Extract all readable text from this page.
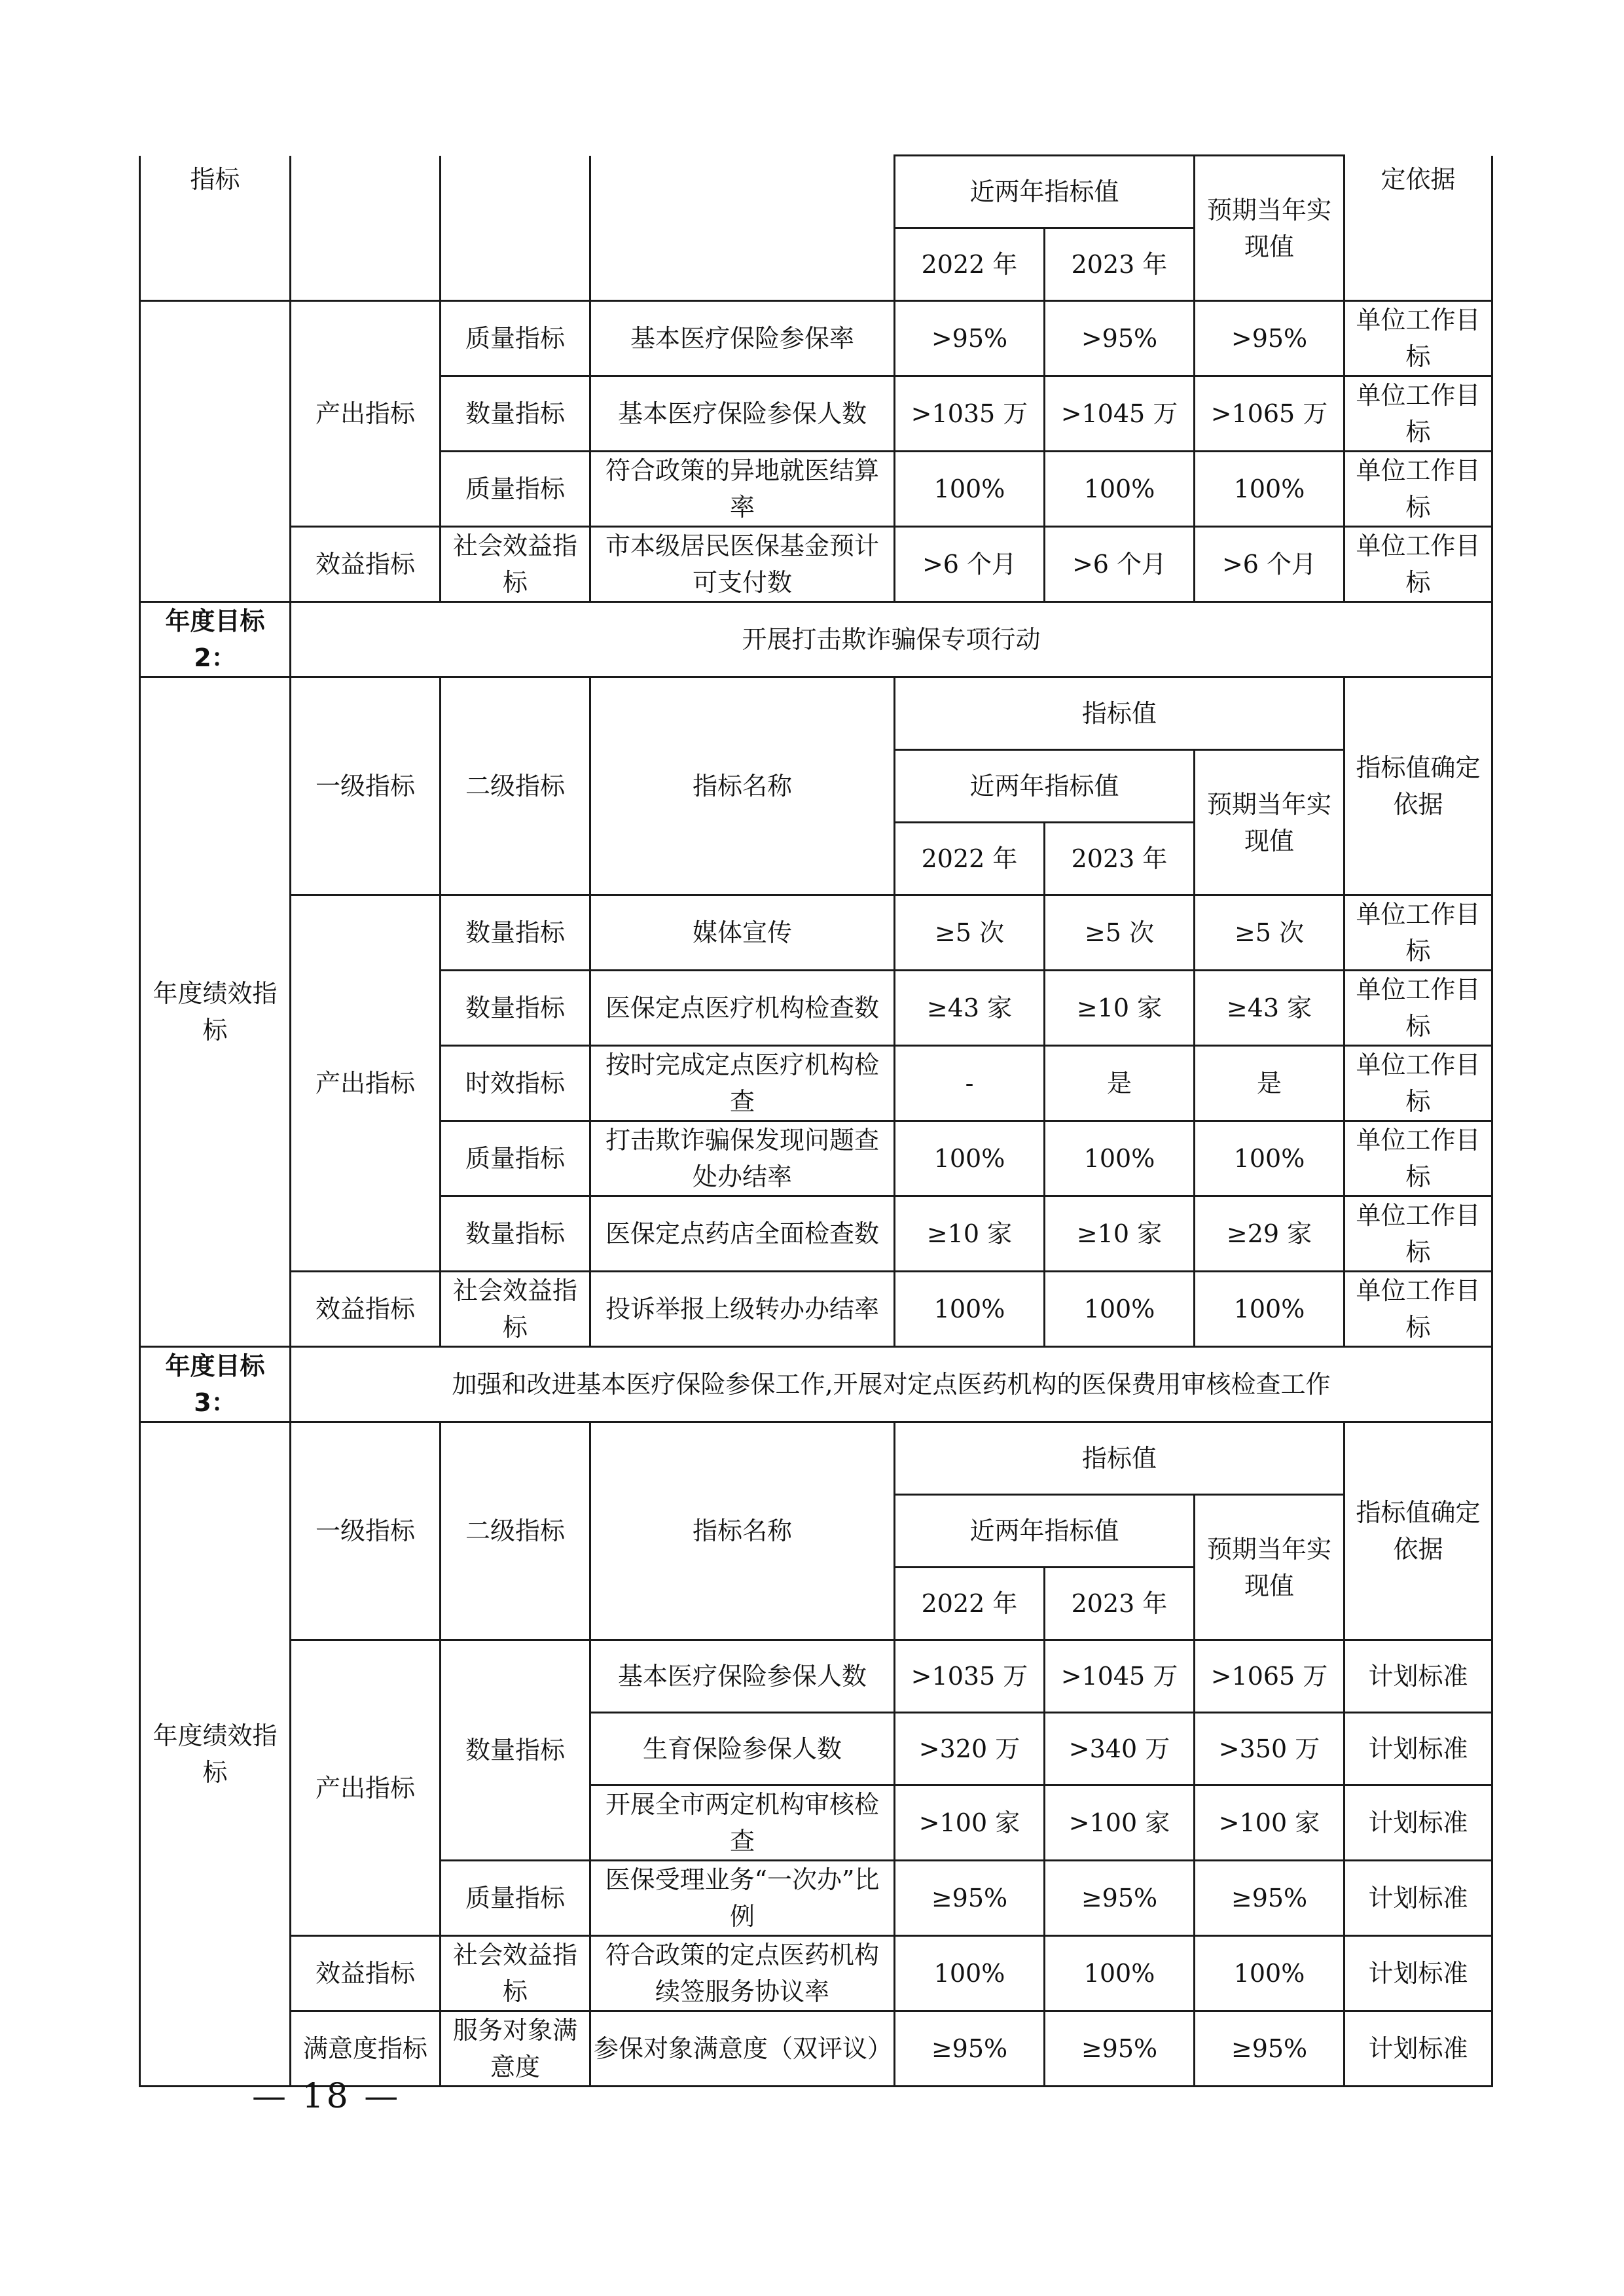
指标				近两年指标值		预期当年实现值	定依据
				2022 年	2023 年		
	产出指标	质量指标	基本医疗保险参保率	>95%	>95%	>95%	单位工作目标
		数量指标	基本医疗保险参保人数	>1035 万	>1045 万	>1065 万	单位工作目标
		质量指标	符合政策的异地就医结算率	100%	100%	100%	单位工作目标
	效益指标	社会效益指标	市本级居民医保基金预计可支付数	>6 个月	>6 个月	>6 个月	单位工作目标
年度目标 2：	开展打击欺诈骗保专项行动						
年度绩效指标	一级指标	二级指标	指标名称	指标值			指标值确定依据
				近两年指标值		预期当年实现值	
				2022 年	2023 年		
	产出指标	数量指标	媒体宣传	≥5 次	≥5 次	≥5 次	单位工作目标
		数量指标	医保定点医疗机构检查数	≥43 家	≥10 家	≥43 家	单位工作目标
		时效指标	按时完成定点医疗机构检查	-	是	是	单位工作目标
		质量指标	打击欺诈骗保发现问题查处办结率	100%	100%	100%	单位工作目标
		数量指标	医保定点药店全面检查数	≥10 家	≥10 家	≥29 家	单位工作目标
	效益指标	社会效益指标	投诉举报上级转办办结率	100%	100%	100%	单位工作目标
年度目标 3：	加强和改进基本医疗保险参保工作,开展对定点医药机构的医保费用审核检查工作						
年度绩效指标	一级指标	二级指标	指标名称	指标值			指标值确定依据
				近两年指标值		预期当年实现值	
				2022 年	2023 年		
	产出指标	数量指标	基本医疗保险参保人数	>1035 万	>1045 万	>1065 万	计划标准
			生育保险参保人数	>320 万	>340 万	>350 万	计划标准
			开展全市两定机构审核检查	>100 家	>100 家	>100 家	计划标准
		质量指标	医保受理业务“一次办”比例	≥95%	≥95%	≥95%	计划标准
	效益指标	社会效益指标	符合政策的定点医药机构续签服务协议率	100%	100%	100%	计划标准
	满意度指标	服务对象满意度	参保对象满意度（双评议）	≥95%	≥95%	≥95%	计划标准
— 18 —
